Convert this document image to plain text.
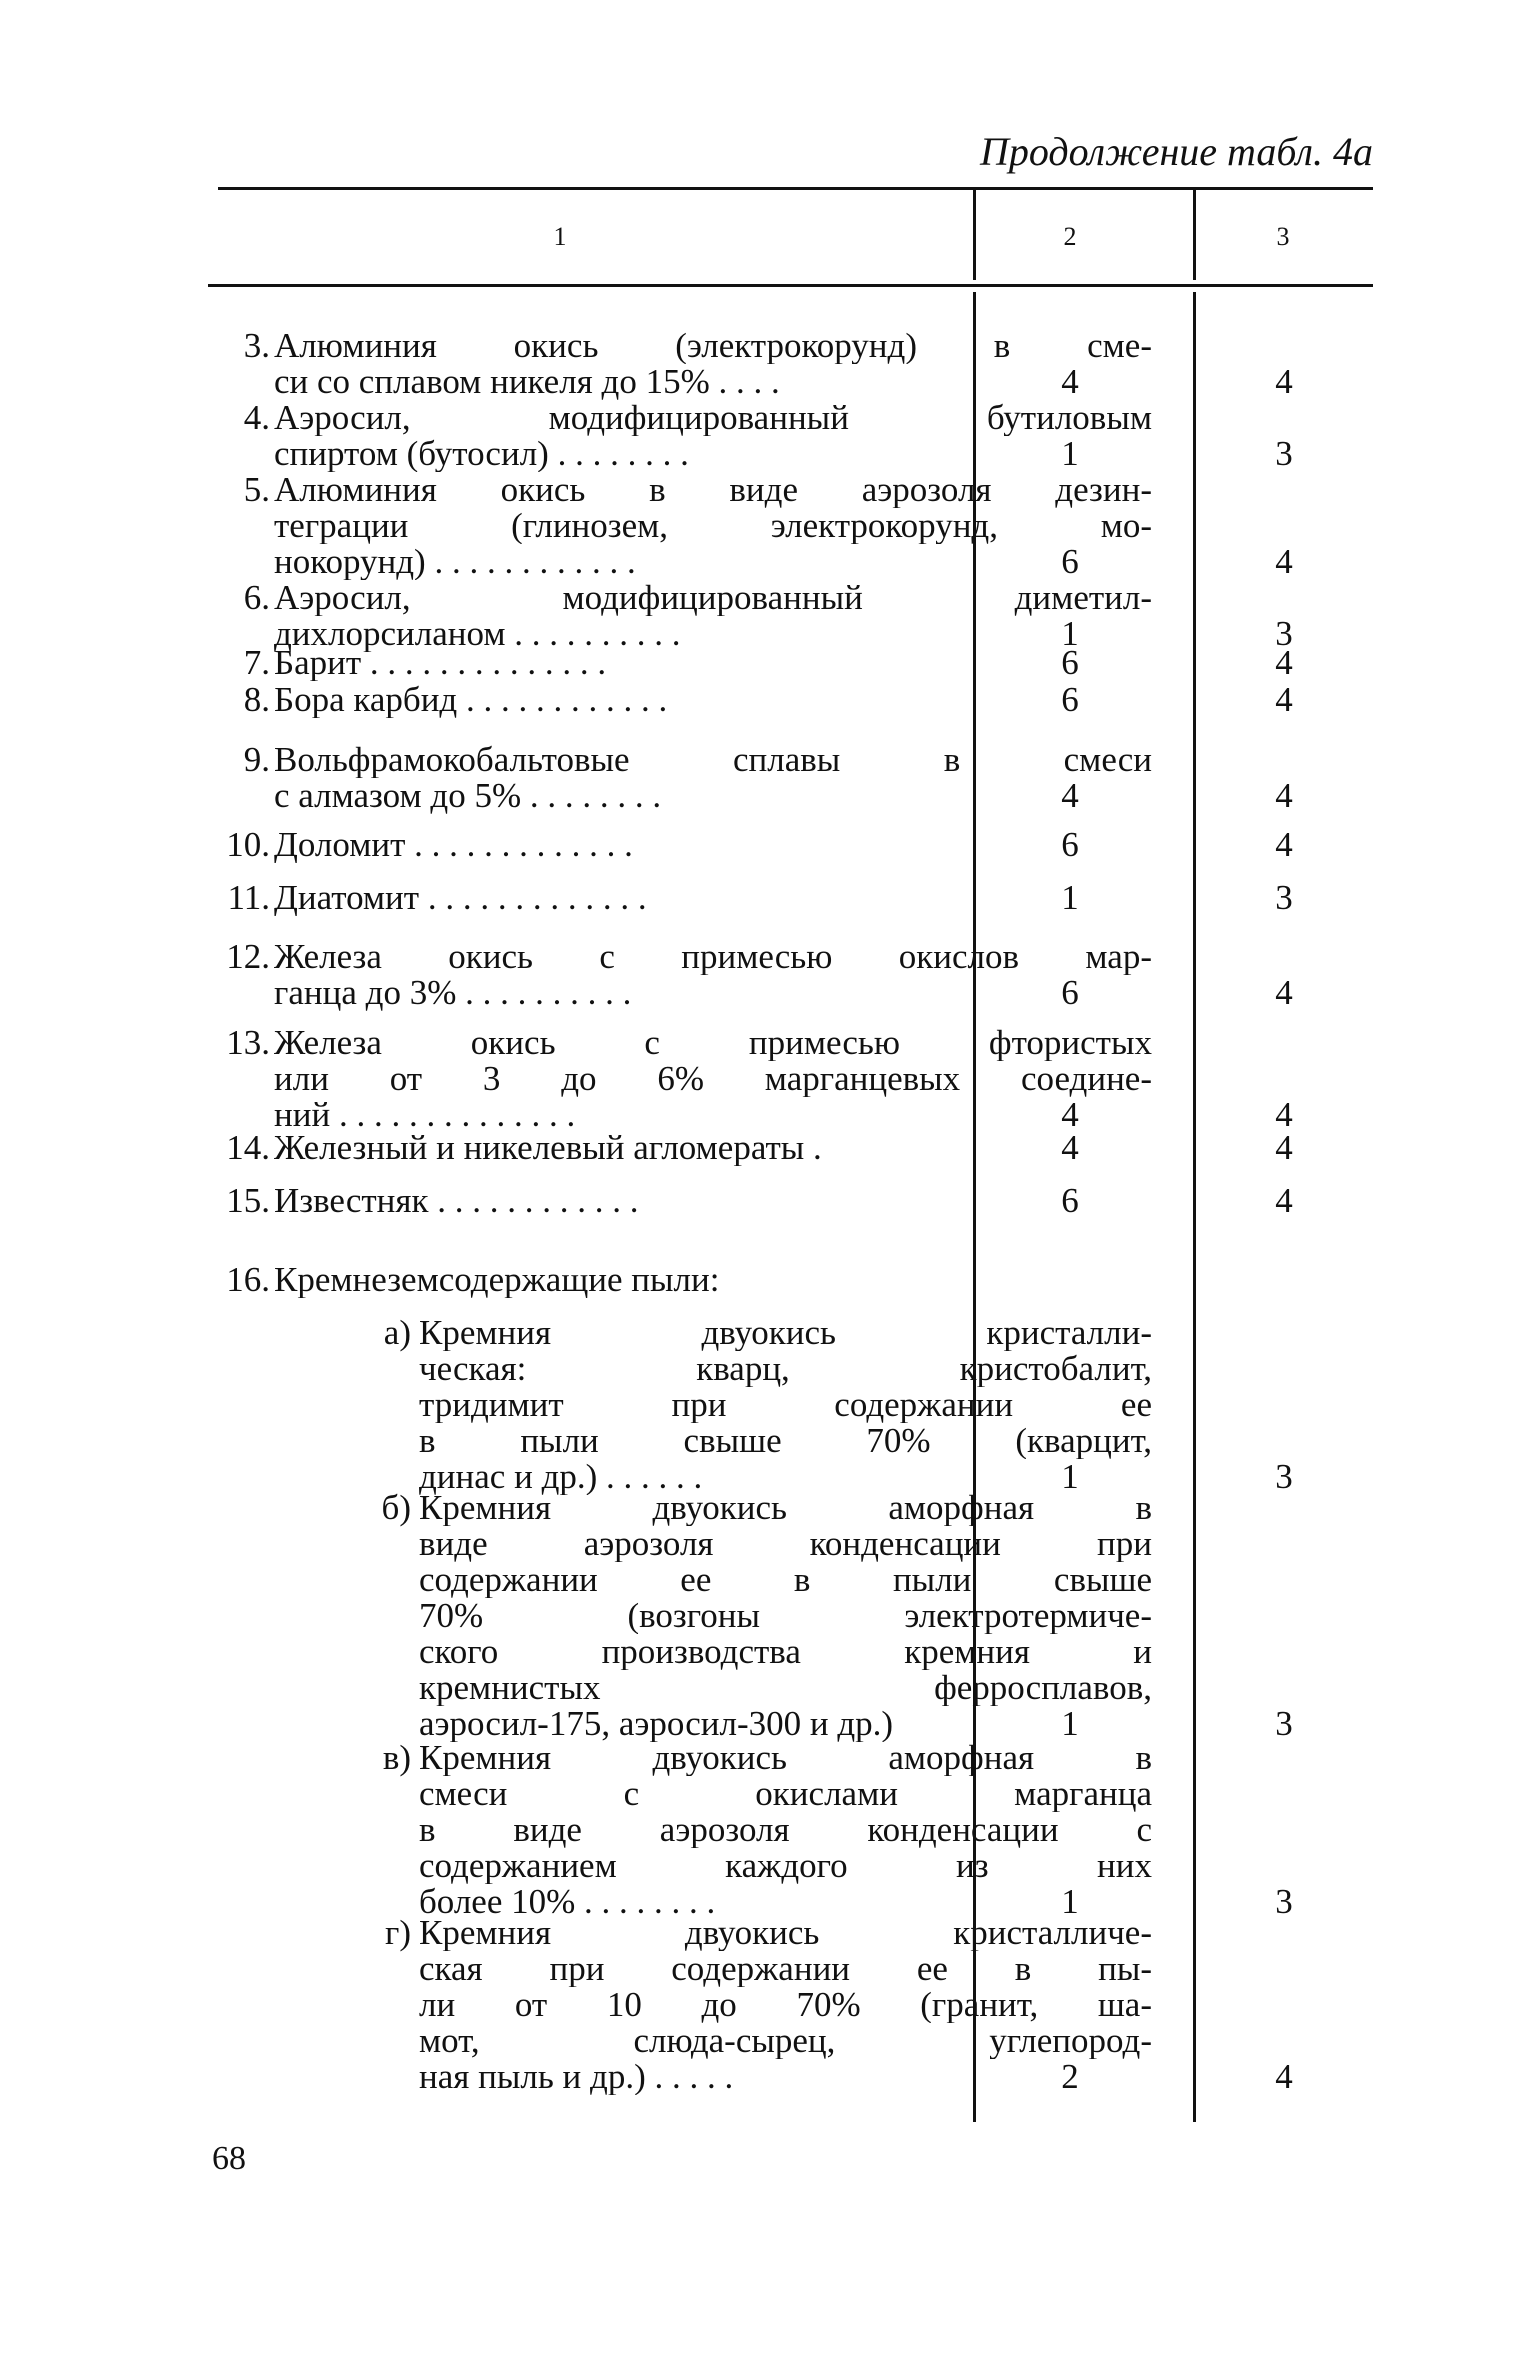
Продолжение табл. 4а
1	2	3
3. Алюминия окись (электрокорунд) в сме-
си со сплавом никеля до 15% . . . .	4	4
4. Аэросил, модифицированный бутиловым
спиртом (бутосил) . . . . . . . .	1	3
5. Алюминия окись в виде аэрозоля дезин-
теграции (глинозем, электрокорунд, мо-
нокорунд) . . . . . . . . . . . .	6	4
6. Аэросил, модифицированный диметил-
дихлорсиланом . . . . . . . . . .	1	3
7. Барит . . . . . . . . . . . . . .	6	4
8. Бора карбид . . . . . . . . . . . .	6	4
9. Вольфрамокобальтовые сплавы в смеси
с алмазом до 5% . . . . . . . .	4	4
10. Доломит . . . . . . . . . . . . .	6	4
11. Диатомит . . . . . . . . . . . . .	1	3
12. Железа окись с примесью окислов мар-
ганца до 3% . . . . . . . . . .	6	4
13. Железа окись с примесью фтористых
или от 3 до 6% марганцевых соедине-
ний . . . . . . . . . . . . . .	4	4
14. Железный и никелевый агломераты .	4	4
15. Известняк . . . . . . . . . . . .	6	4
16. Кремнеземсодержащие пыли:
а) Кремния двуокись кристалли-
ческая: кварц, кристобалит,
тридимит при содержании ее
в пыли свыше 70% (кварцит,
динас и др.) . . . . . .	1	3
б) Кремния двуокись аморфная в
виде аэрозоля конденсации при
содержании ее в пыли свыше
70% (возгоны электротермиче-
ского производства кремния и
кремнистых ферросплавов,
аэросил-175, аэросил-300 и др.)	1	3
в) Кремния двуокись аморфная в
смеси с окислами марганца
в виде аэрозоля конденсации с
содержанием каждого из них
более 10% . . . . . . . .	1	3
г) Кремния двуокись кристалличе-
ская при содержании ее в пы-
ли от 10 до 70% (гранит, ша-
мот, слюда-сырец, углепород-
ная пыль и др.) . . . . .	2	4
68
